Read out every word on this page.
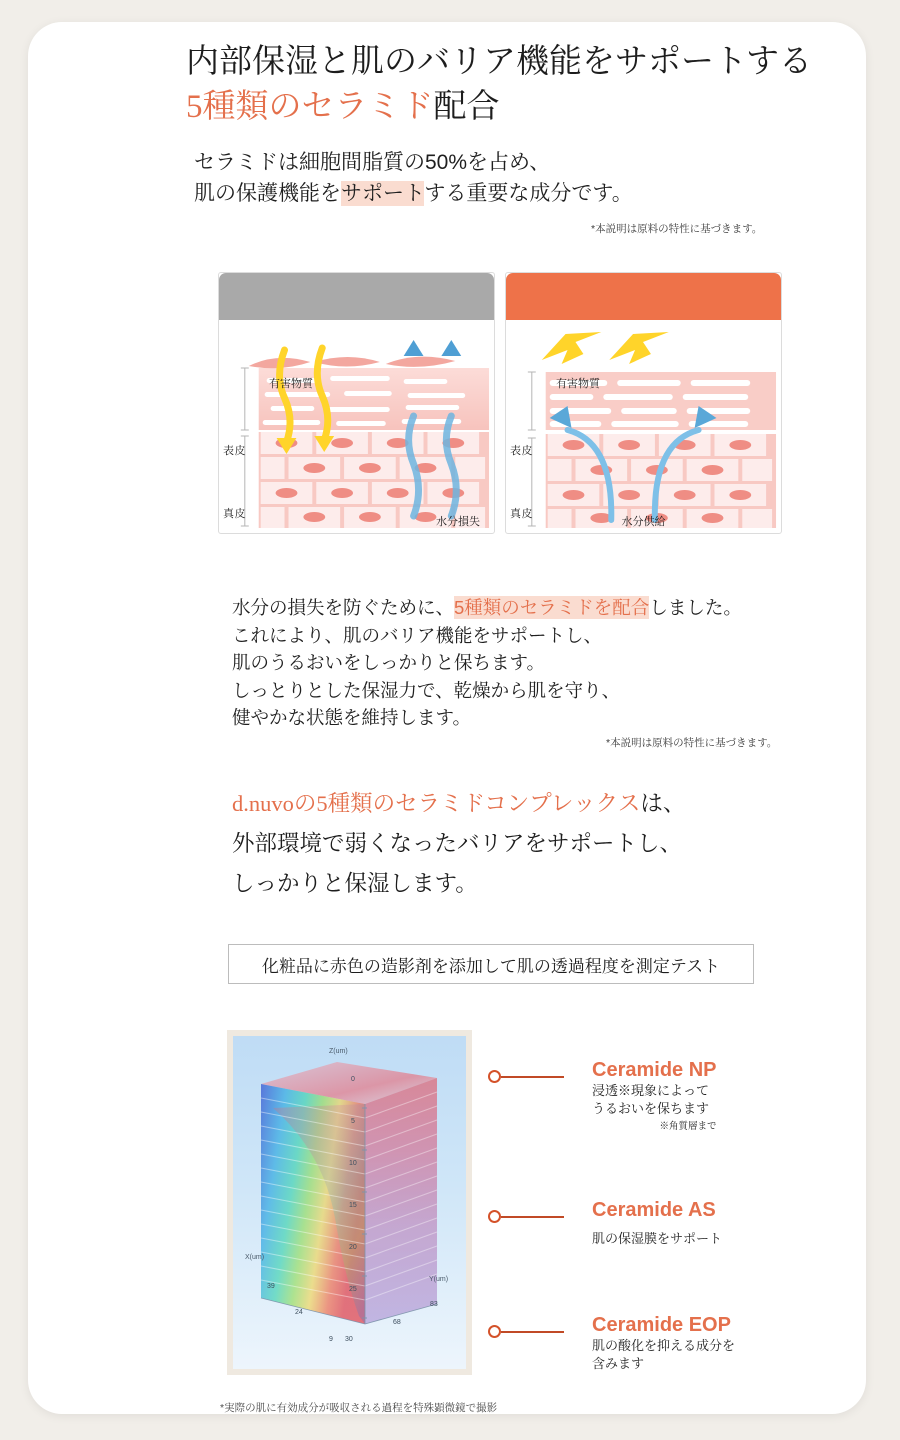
内部保湿と肌のバリア機能をサポートする
5種類のセラミド配合
セラミドは細胞間脂質の50%を占め、
肌の保護機能をサポートする重要な成分です。
*本説明は原料の特性に基づきます。
有害物質
表皮
真皮
水分損失
有害物質
表皮
真皮
水分供給
水分の損失を防ぐために、5種類のセラミドを配合しました。
これにより、肌のバリア機能をサポートし、
肌のうるおいをしっかりと保ちます。
しっとりとした保湿力で、乾燥から肌を守り、
健やかな状態を維持します。
*本説明は原料の特性に基づきます。
d.nuvoの5種類のセラミドコンプレックスは、
外部環境で弱くなったバリアをサポートし、
しっかりと保湿します。
化粧品に赤色の造影剤を添加して肌の透過程度を測定テスト
Z(um)
X(um)
Y(um)
0
5
10
15
20
25
39
24
9 30
68
83
Ceramide NP
浸透※現象によって
うるおいを保ちます
※角質層まで
Ceramide AS
肌の保湿膜をサポート
Ceramide EOP
肌の酸化を抑える成分を
含みます
*実際の肌に有効成分が吸収される過程を特殊顕微鏡で撮影
